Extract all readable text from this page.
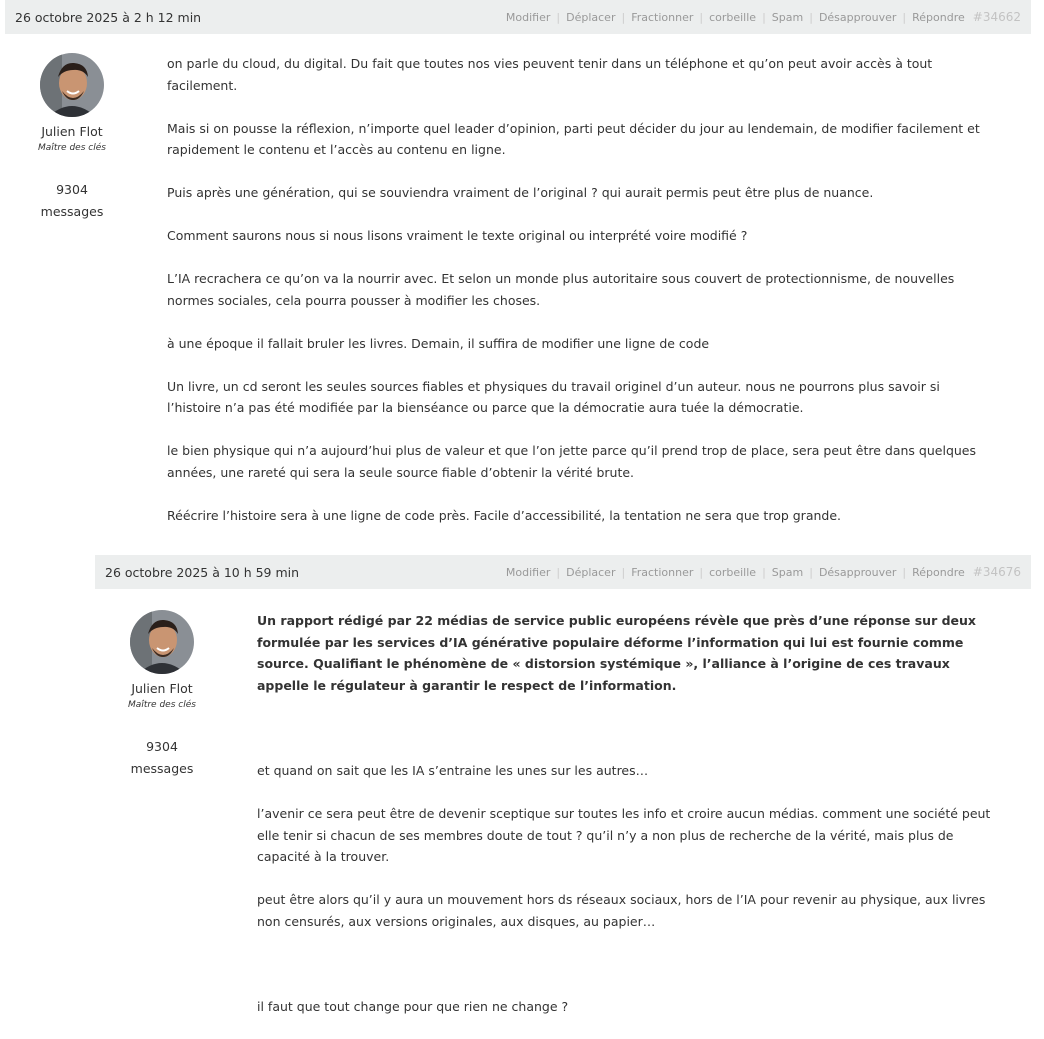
26 octobre 2025 à 2 h 12 min	Modifier | Déplacer | Fractionner | corbeille | Spam | Désapprouver | Répondre #34662
Julien Flot
Maître des clés
9304
messages

on parle du cloud, du digital. Du fait que toutes nos vies peuvent tenir dans un téléphone et qu’on peut avoir accès à tout facilement.

Mais si on pousse la réflexion, n’importe quel leader d’opinion, parti peut décider du jour au lendemain, de modifier facilement et rapidement le contenu et l’accès au contenu en ligne.

Puis après une génération, qui se souviendra vraiment de l’original ? qui aurait permis peut être plus de nuance.

Comment saurons nous si nous lisons vraiment le texte original ou interprété voire modifié ?

L’IA recrachera ce qu’on va la nourrir avec. Et selon un monde plus autoritaire sous couvert de protectionnisme, de nouvelles normes sociales, cela pourra pousser à modifier les choses.

à une époque il fallait bruler les livres. Demain, il suffira de modifier une ligne de code

Un livre, un cd seront les seules sources fiables et physiques du travail originel d’un auteur. nous ne pourrons plus savoir si l’histoire n’a pas été modifiée par la bienséance ou parce que la démocratie aura tuée la démocratie.

le bien physique qui n’a aujourd’hui plus de valeur et que l’on jette parce qu’il prend trop de place, sera peut être dans quelques années, une rareté qui sera la seule source fiable d’obtenir la vérité brute.

Réécrire l’histoire sera à une ligne de code près. Facile d’accessibilité, la tentation ne sera que trop grande.

26 octobre 2025 à 10 h 59 min	Modifier | Déplacer | Fractionner | corbeille | Spam | Désapprouver | Répondre #34676
Julien Flot
Maître des clés
9304
messages

Un rapport rédigé par 22 médias de service public européens révèle que près d’une réponse sur deux formulée par les services d’IA générative populaire déforme l’information qui lui est fournie comme source. Qualifiant le phénomène de « distorsion systémique », l’alliance à l’origine de ces travaux appelle le régulateur à garantir le respect de l’information.

et quand on sait que les IA s’entraine les unes sur les autres…

l’avenir ce sera peut être de devenir sceptique sur toutes les info et croire aucun médias. comment une société peut elle tenir si chacun de ses membres doute de tout ? qu’il n’y a non plus de recherche de la vérité, mais plus de capacité à la trouver.

peut être alors qu’il y aura un mouvement hors ds réseaux sociaux, hors de l’IA pour revenir au physique, aux livres non censurés, aux versions originales, aux disques, au papier…

il faut que tout change pour que rien ne change ?
